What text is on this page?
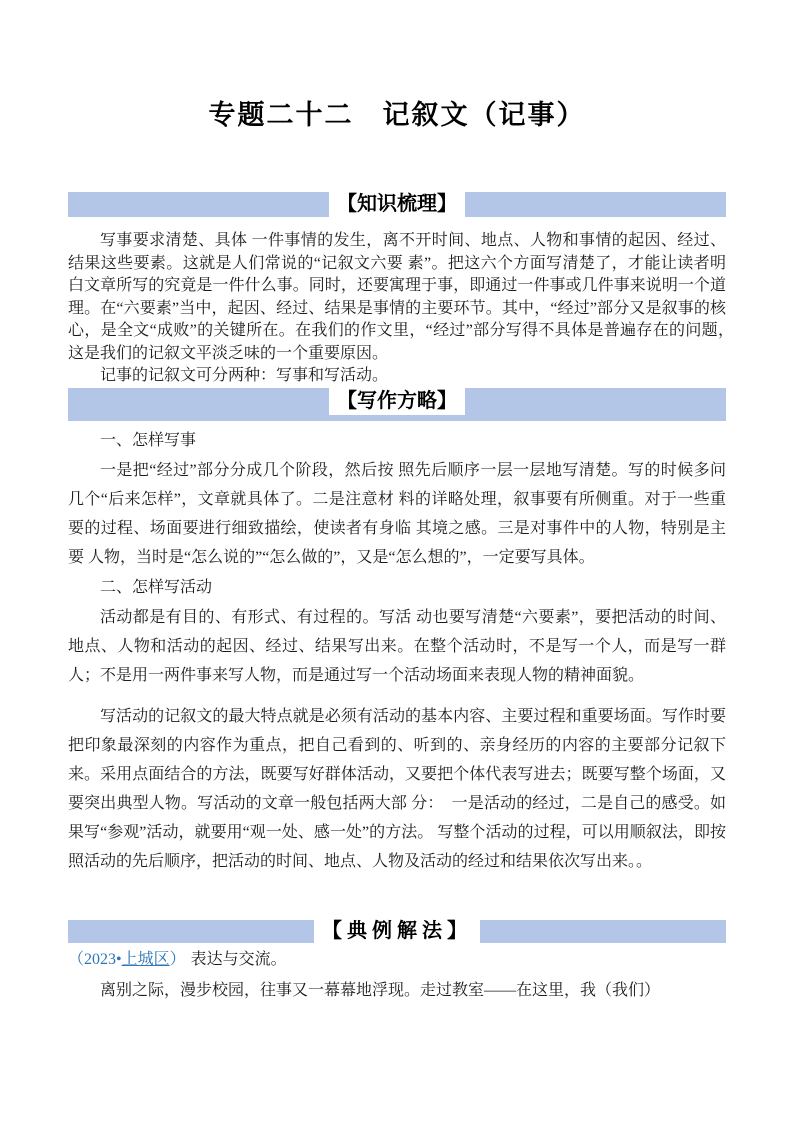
专题二十二　记叙文（记事）
【知识梳理】

写事要求清楚、具体 一件事情的发生，离不开时间、地点、人物和事情的起因、经过、结果这些要素。这就是人们常说的“记叙文六要 素”。把这六个方面写清楚了，才能让读者明白文章所写的究竟是一件什么事。同时，还要寓理于事，即通过一件事或几件事来说明一个道理。在“六要素”当中，起因、经过、结果是事情的主要环节。其中，“经过”部分又是叙事的核心，是全文“成败”的关键所在。在我们的作文里，“经过”部分写得不具体是普遍存在的问题，　这是我们的记叙文平淡乏味的一个重要原因。

记事的记叙文可分两种：写事和写活动。

【写作方略】

一、怎样写事

一是把“经过”部分分成几个阶段，然后按 照先后顺序一层一层地写清楚。写的时候多问几个“后来怎样”，文章就具体了。二是注意材 料的详略处理，叙事要有所侧重。对于一些重 要的过程、场面要进行细致描绘，使读者有身临 其境之感。三是对事件中的人物，特别是主要 人物，当时是“怎么说的”“怎么做的”，又是“怎么想的”，一定要写具体。

二、怎样写活动

活动都是有目的、有形式、有过程的。写活 动也要写清楚“六要素”，要把活动的时间、地点、人物和活动的起因、经过、结果写出来。在整个活动时，不是写一个人，而是写一群人；不是用一两件事来写人物，而是通过写一个活动场面来表现人物的精神面貌。

写活动的记叙文的最大特点就是必须有活动的基本内容、主要过程和重要场面。写作时要把印象最深刻的内容作为重点，把自己看到的、听到的、亲身经历的内容的主要部分记叙下来。采用点面结合的方法，既要写好群体活动，又要把个体代表写进去；既要写整个场面，又要突出典型人物。写活动的文章一般包括两大部 分：　一是活动的经过，二是自己的感受。如果写“参观”活动，就要用“观一处、感一处”的方法。 写整个活动的过程，可以用顺叙法，即按照活动的先后顺序，把活动的时间、地点、人物及活动的经过和结果依次写出来。。

【典例解法】

（2023•上城区） 表达与交流。

离别之际，漫步校园，往事又一幕幕地浮现。走过教室——在这里，我（我们）
